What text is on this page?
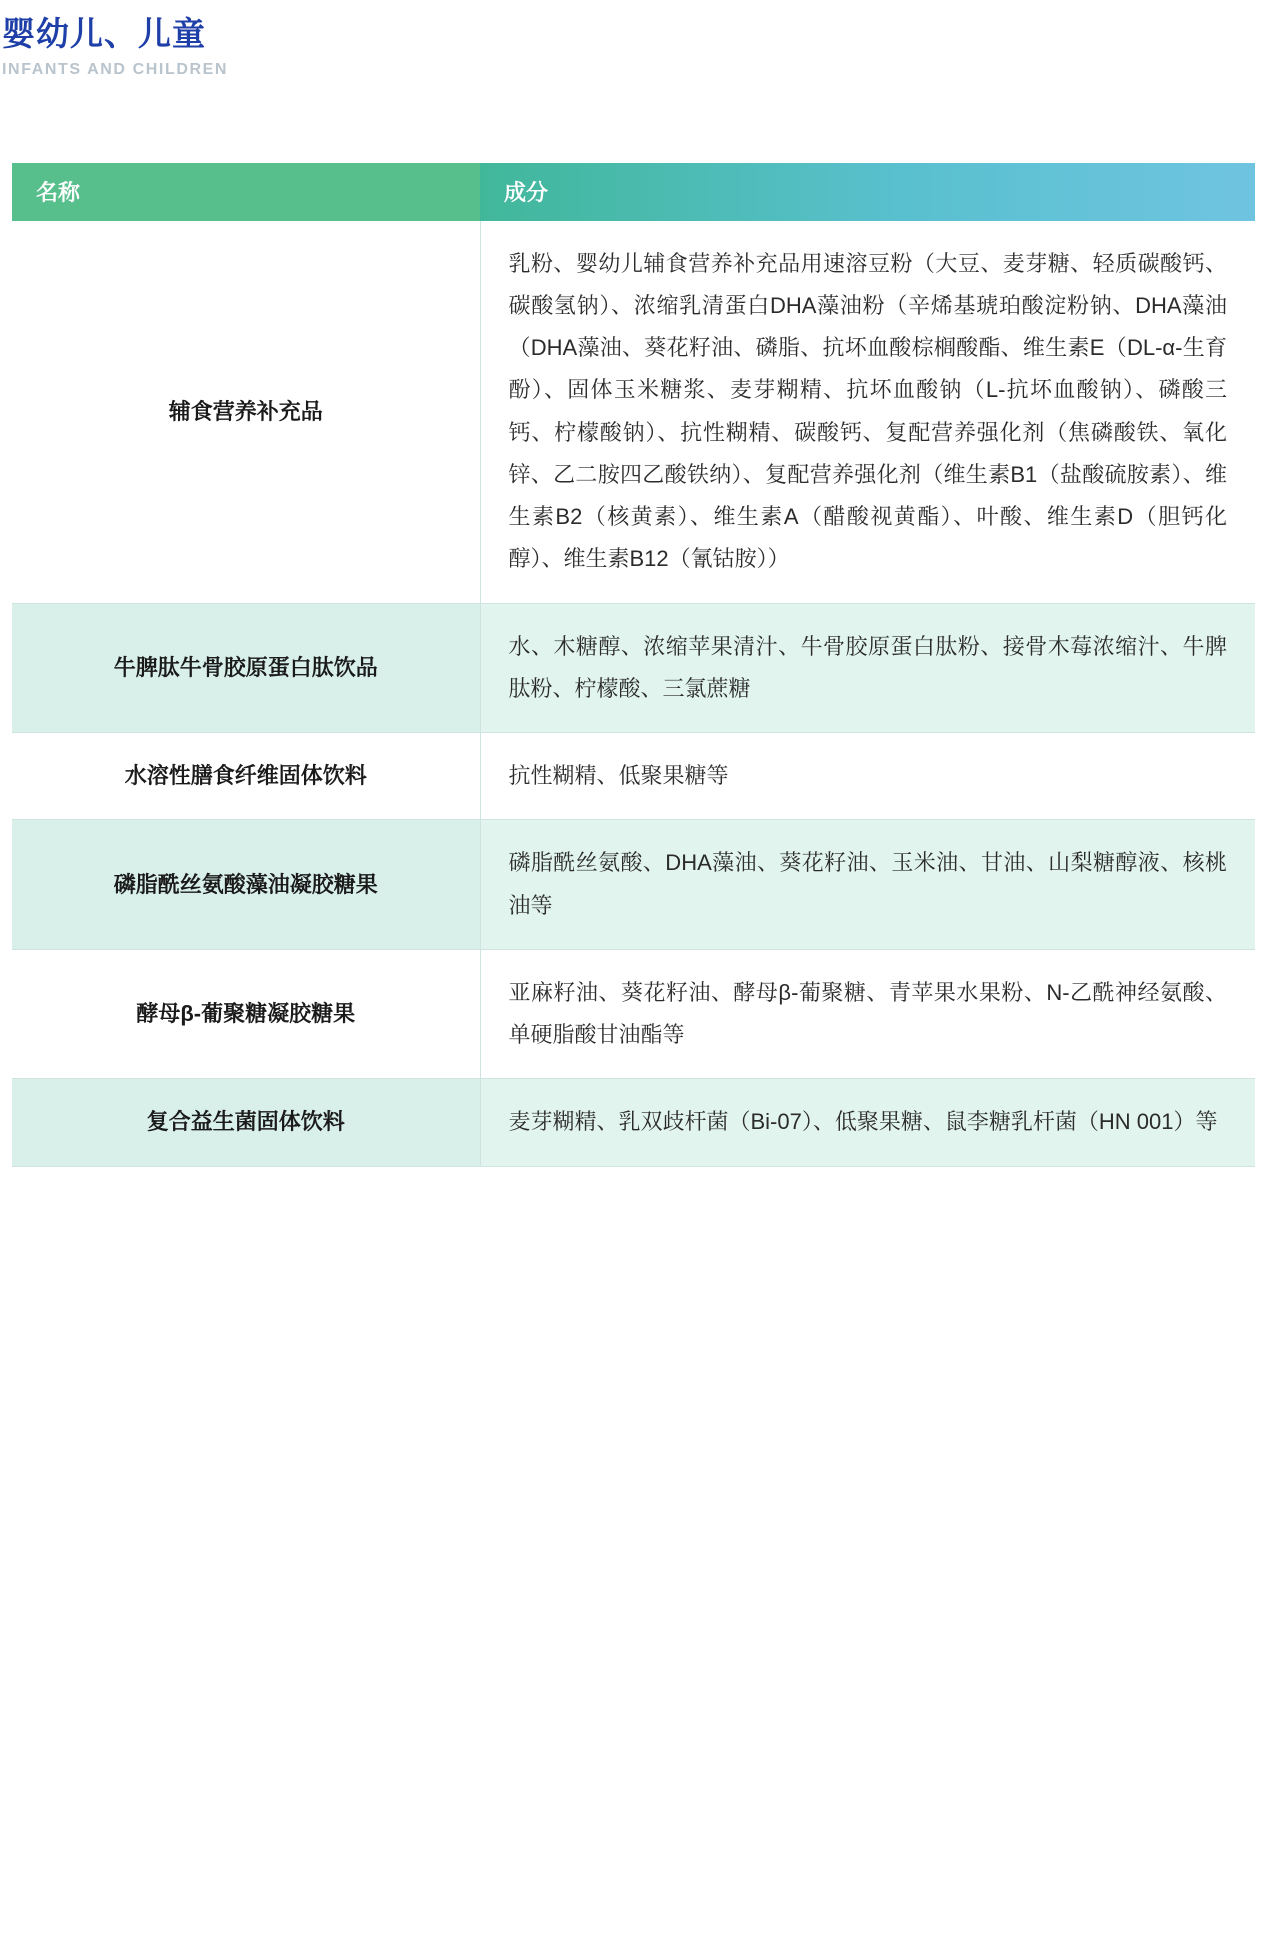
婴幼儿、儿童
INFANTS AND CHILDREN
名称	成分
辅食营养补充品	乳粉、婴幼儿辅食营养补充品用速溶豆粉（大豆、麦芽糖、轻质碳酸钙、碳酸氢钠）、浓缩乳清蛋白DHA藻油粉（辛烯基琥珀酸淀粉钠、DHA藻油（DHA藻油、葵花籽油、磷脂、抗坏血酸棕榈酸酯、维生素E（DL-α-生育酚）、固体玉米糖浆、麦芽糊精、抗坏血酸钠（L-抗坏血酸钠）、磷酸三钙、柠檬酸钠）、抗性糊精、碳酸钙、复配营养强化剂（焦磷酸铁、氧化锌、乙二胺四乙酸铁纳）、复配营养强化剂（维生素B1（盐酸硫胺素）、维生素B2（核黄素）、维生素A（醋酸视黄酯）、叶酸、维生素D（胆钙化醇）、维生素B12（氰钴胺））
牛脾肽牛骨胶原蛋白肽饮品	水、木糖醇、浓缩苹果清汁、牛骨胶原蛋白肽粉、接骨木莓浓缩汁、牛脾肽粉、柠檬酸、三氯蔗糖
水溶性膳食纤维固体饮料	抗性糊精、低聚果糖等
磷脂酰丝氨酸藻油凝胶糖果	磷脂酰丝氨酸、DHA藻油、葵花籽油、玉米油、甘油、山梨糖醇液、核桃油等
酵母β-葡聚糖凝胶糖果	亚麻籽油、葵花籽油、酵母β-葡聚糖、青苹果水果粉、N-乙酰神经氨酸、单硬脂酸甘油酯等
复合益生菌固体饮料	麦芽糊精、乳双歧杆菌（Bi-07）、低聚果糖、鼠李糖乳杆菌（HN 001）等
